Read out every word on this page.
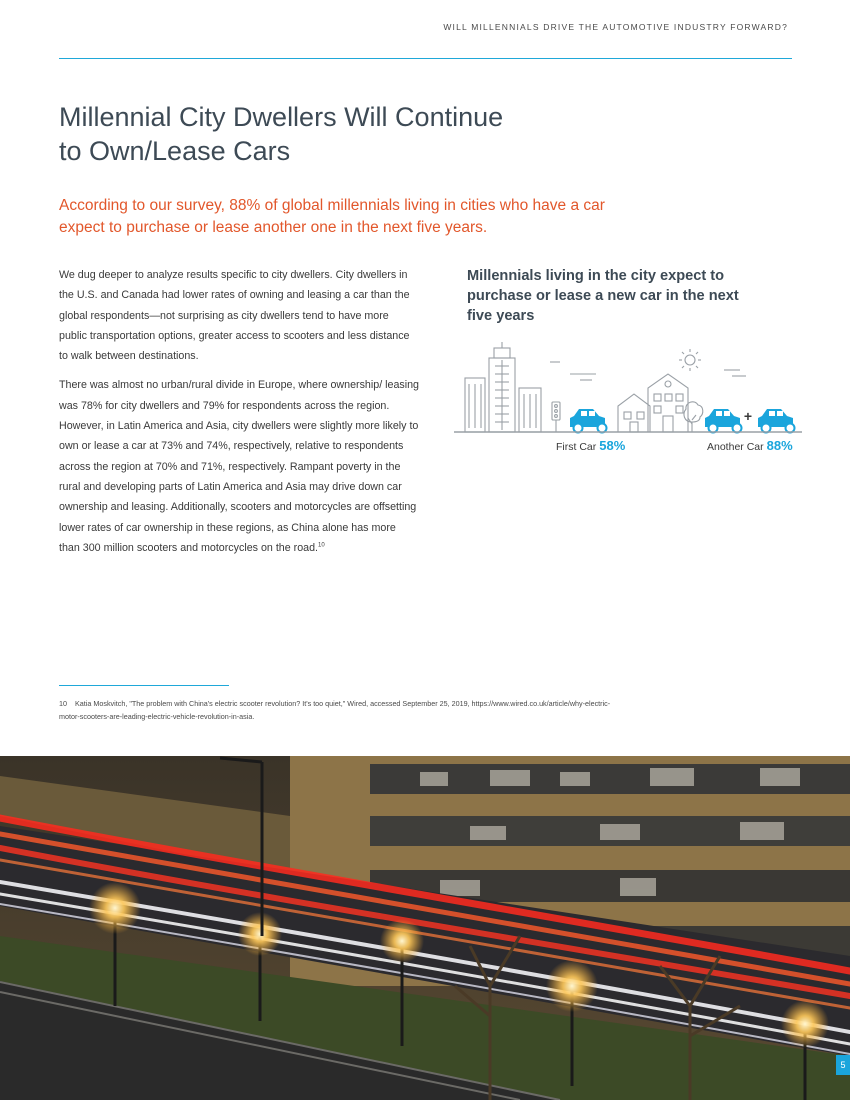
WILL MILLENNIALS DRIVE THE AUTOMOTIVE INDUSTRY FORWARD?
Millennial City Dwellers Will Continue
to Own/Lease Cars

According to our survey, 88% of global millennials living in cities who have a car expect to purchase or lease another one in the next five years.

We dug deeper to analyze results specific to city dwellers. City dwellers in the U.S. and Canada had lower rates of owning and leasing a car than the global respondents—not surprising as city dwellers tend to have more public transportation options, greater access to scooters and less distance to walk between destinations.

There was almost no urban/rural divide in Europe, where ownership/ leasing was 78% for city dwellers and 79% for respondents across the region. However, in Latin America and Asia, city dwellers were slightly more likely to own or lease a car at 73% and 74%, respectively, relative to respondents across the region at 70% and 71%, respectively. Rampant poverty in the rural and developing parts of Latin America and Asia may drive down car ownership and leasing. Additionally, scooters and motorcycles are offsetting lower rates of car ownership in these regions, as China alone has more than 300 million scooters and motorcycles on the road.$^{10}$

Millennials living in the city expect to purchase or lease a new car in the next five years
+
First Car 58%	Another Car 88%
10 Katia Moskvitch, "The problem with China's electric scooter revolution? It's too quiet," Wired, accessed September 25, 2019, https://www.wired.co.uk/article/why-electric-motor-scooters-are-leading-electric-vehicle-revolution-in-asia.
5
